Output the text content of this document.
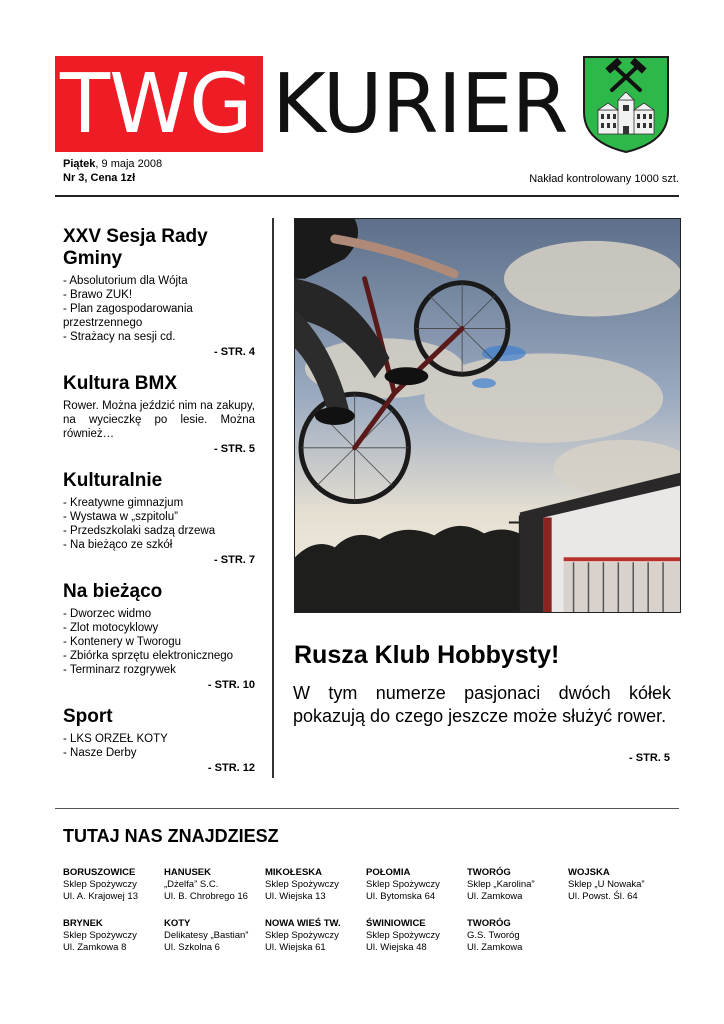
TWG KURIER
Piątek, 9 maja 2008
Nr 3, Cena 1zł	Nakład kontrolowany 1000 szt.
XXV Sesja Rady Gminy
- Absolutorium dla Wójta
- Brawo ZUK!
- Plan zagospodarowania przestrzennego
- Strażacy na sesji cd.
- STR. 4
Kultura BMX
Rower. Można jeździć nim na zakupy, na wycieczkę po lesie. Można również…
- STR. 5
Kulturalnie
- Kreatywne gimnazjum
- Wystawa w „szpitolu”
- Przedszkolaki sadzą drzewa
- Na bieżąco ze szkół
- STR. 7
Na bieżąco
- Dworzec widmo
- Zlot motocyklowy
- Kontenery w Tworogu
- Zbiórka sprzętu elektronicznego
- Terminarz rozgrywek
- STR. 10
Sport
- LKS ORZEŁ KOTY
- Nasze Derby
- STR. 12
Rusza Klub Hobbysty!
W tym numerze pasjonaci dwóch kółek pokazują do czego jeszcze może służyć rower.
- STR. 5
TUTAJ NAS ZNAJDZIESZ
BORUSZOWICE
Sklep Spożywczy
Ul. A. Krajowej 13
HANUSEK
„Dżelfa” S.C.
Ul. B. Chrobrego 16
MIKOŁESKA
Sklep Spożywczy
Ul. Wiejska 13
POŁOMIA
Sklep Spożywczy
Ul. Bytomska 64
TWORÓG
Sklep „Karolina”
Ul. Zamkowa
WOJSKA
Sklep „U Nowaka”
Ul. Powst. Śl. 64
BRYNEK
Sklep Spożywczy
Ul. Zamkowa 8
KOTY
Delikatesy „Bastian”
Ul. Szkolna 6
NOWA WIEŚ TW.
Sklep Spożywczy
Ul. Wiejska 61
ŚWINIOWICE
Sklep Spożywczy
Ul. Wiejska 48
TWORÓG
G.S. Tworóg
Ul. Zamkowa
